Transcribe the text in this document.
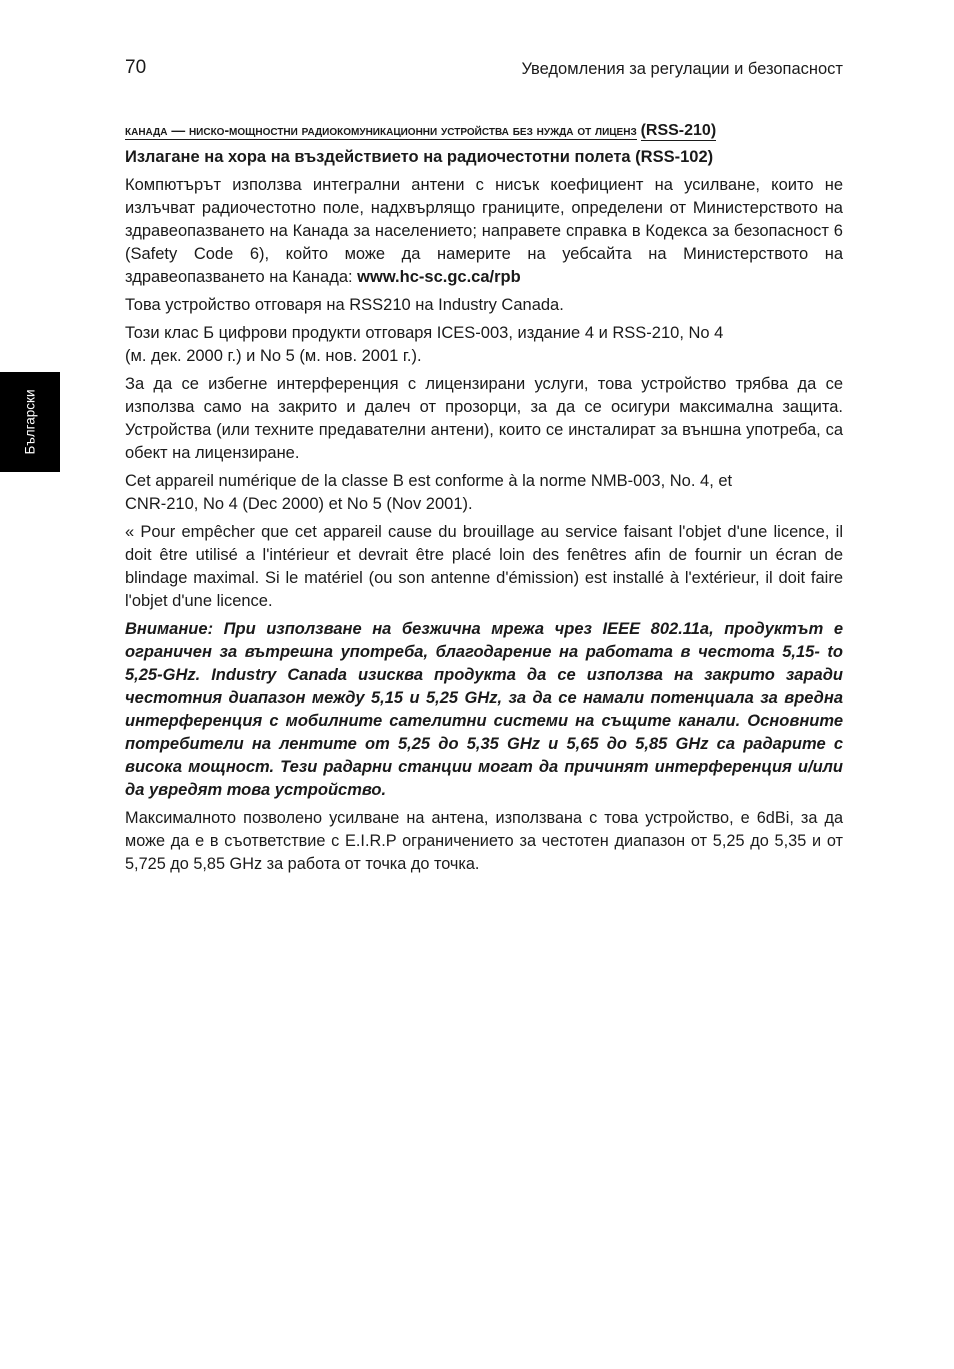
70	Уведомления за регулации и безопасност
Български
канада — ниско-мощностни радиокомуникационни устройства без нужда от лиценз (RSS-210)
Излагане на хора на въздействието на радиочестотни полета (RSS-102)

Компютърът използва интегрални антени с нисък коефициент на усилване, които не излъчват радиочестотно поле, надхвърлящо границите, определени от Министерството на здравеопазването на Канада за населението; направете справка в Кодекса за безопасност 6 (Safety Code 6), който може да намерите на уебсайта на Министерството на здравеопазването на Канада: www.hc-sc.gc.ca/rpb

Това устройство отговаря на RSS210 на Industry Canada.

Този клас Б цифрови продукти отговаря ICES-003, издание 4 и RSS-210, No 4
(м. дек. 2000 г.) и No 5 (м. нов. 2001 г.).

За да се избегне интерференция с лицензирани услуги, това устройство трябва да се използва само на закрито и далеч от прозорци, за да се осигури максимална защита. Устройства (или техните предавателни антени), които се инсталират за външна употреба, са обект на лицензиране.

Cet appareil numérique de la classe B est conforme à la norme NMB-003, No. 4, et
CNR-210, No 4 (Dec 2000) et No 5 (Nov 2001).

« Pour empêcher que cet appareil cause du brouillage au service faisant l'objet d'une licence, il doit être utilisé a l'intérieur et devrait être placé loin des fenêtres afin de fournir un écran de blindage maximal. Si le matériel (ou son antenne d'émission) est installé à l'extérieur, il doit faire l'objet d'une licence.

Внимание: При използване на безжична мрежа чрез IEEE 802.11a, продуктът е ограничен за вътрешна употреба, благодарение на работата в честота 5,15- to 5,25-GHz. Industry Canada изисква продукта да се използва на закрито заради честотния диапазон между 5,15 и 5,25 GHz, за да се намали потенциала за вредна интерференция с мобилните сателитни системи на същите канали. Основните потребители на лентите от 5,25 до 5,35 GHz и 5,65 до 5,85 GHz са радарите с висока мощност. Тези радарни станции могат да причинят интерференция и/или да увредят това устройство.

Максималното позволено усилване на антена, използвана с това устройство, е 6dBi, за да може да е в съответствие с E.I.R.P ограничението за честотен диапазон от 5,25 до 5,35 и от 5,725 до 5,85 GHz за работа от точка до точка.
